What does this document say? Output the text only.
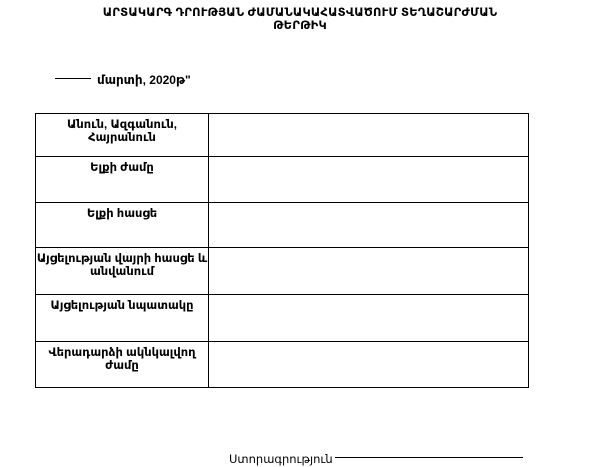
ԱՐՏԱԿԱՐԳ ԴՐՈՒԹՅԱՆ ԺԱՄԱՆԱԿԱՀԱՏՎԱԾՈՒՄ ՏԵՂԱՇԱՐԺՄԱՆ
ԹԵՐԹԻԿ
մարտի, 2020թ"
Անուն, Ազգանուն, Հայրանուն	
Ելքի ժամը	
Ելքի հասցե	
Այցելության վայրի հասցե և անվանում	
Այցելության նպատակը	
Վերադարձի ակնկալվող ժամը	
Ստորագրություն
